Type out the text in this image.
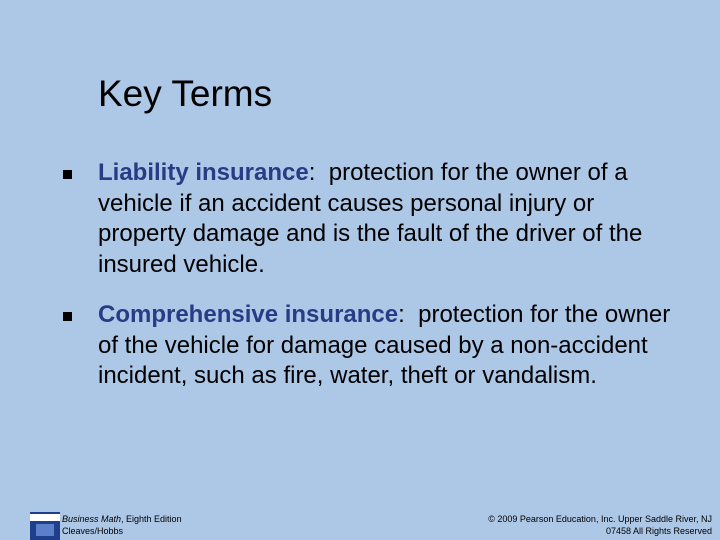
Key Terms
Liability insurance:  protection for the owner of a vehicle if an accident causes personal injury or property damage and is the fault of the driver of the insured vehicle.
Comprehensive insurance:  protection for the owner of the vehicle for damage caused by a non-accident incident, such as fire, water, theft or vandalism.
Business Math, Eighth Edition
Cleaves/Hobbs
© 2009 Pearson Education, Inc. Upper Saddle River, NJ
07458 All Rights Reserved
